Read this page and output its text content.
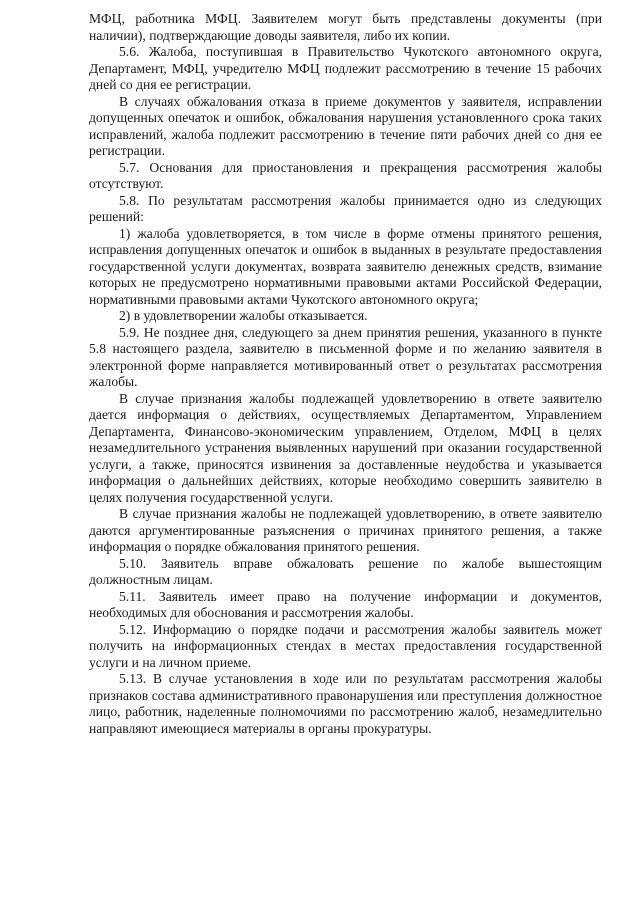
МФЦ, работника МФЦ. Заявителем могут быть представлены документы (при наличии), подтверждающие доводы заявителя, либо их копии.

5.6. Жалоба, поступившая в Правительство Чукотского автономного округа, Департамент, МФЦ, учредителю МФЦ подлежит рассмотрению в течение 15 рабочих дней со дня ее регистрации.

В случаях обжалования отказа в приеме документов у заявителя, исправлении допущенных опечаток и ошибок, обжалования нарушения установленного срока таких исправлений, жалоба подлежит рассмотрению в течение пяти рабочих дней со дня ее регистрации.

5.7. Основания для приостановления и прекращения рассмотрения жалобы отсутствуют.

5.8. По результатам рассмотрения жалобы принимается одно из следующих решений:

1) жалоба удовлетворяется, в том числе в форме отмены принятого решения, исправления допущенных опечаток и ошибок в выданных в результате предоставления государственной услуги документах, возврата заявителю денежных средств, взимание которых не предусмотрено нормативными правовыми актами Российской Федерации, нормативными правовыми актами Чукотского автономного округа;

2) в удовлетворении жалобы отказывается.

5.9. Не позднее дня, следующего за днем принятия решения, указанного в пункте 5.8 настоящего раздела, заявителю в письменной форме и по желанию заявителя в электронной форме направляется мотивированный ответ о результатах рассмотрения жалобы.

В случае признания жалобы подлежащей удовлетворению в ответе заявителю дается информация о действиях, осуществляемых Департаментом, Управлением Департамента, Финансово-экономическим управлением, Отделом, МФЦ в целях незамедлительного устранения выявленных нарушений при оказании государственной услуги, а также, приносятся извинения за доставленные неудобства и указывается информация о дальнейших действиях, которые необходимо совершить заявителю в целях получения государственной услуги.

В случае признания жалобы не подлежащей удовлетворению, в ответе заявителю даются аргументированные разъяснения о причинах принятого решения, а также информация о порядке обжалования принятого решения.

5.10. Заявитель вправе обжаловать решение по жалобе вышестоящим должностным лицам.

5.11. Заявитель имеет право на получение информации и документов, необходимых для обоснования и рассмотрения жалобы.

5.12. Информацию о порядке подачи и рассмотрения жалобы заявитель может получить на информационных стендах в местах предоставления государственной услуги и на личном приеме.

5.13. В случае установления в ходе или по результатам рассмотрения жалобы признаков состава административного правонарушения или преступления должностное лицо, работник, наделенные полномочиями по рассмотрению жалоб, незамедлительно направляют имеющиеся материалы в органы прокуратуры.
